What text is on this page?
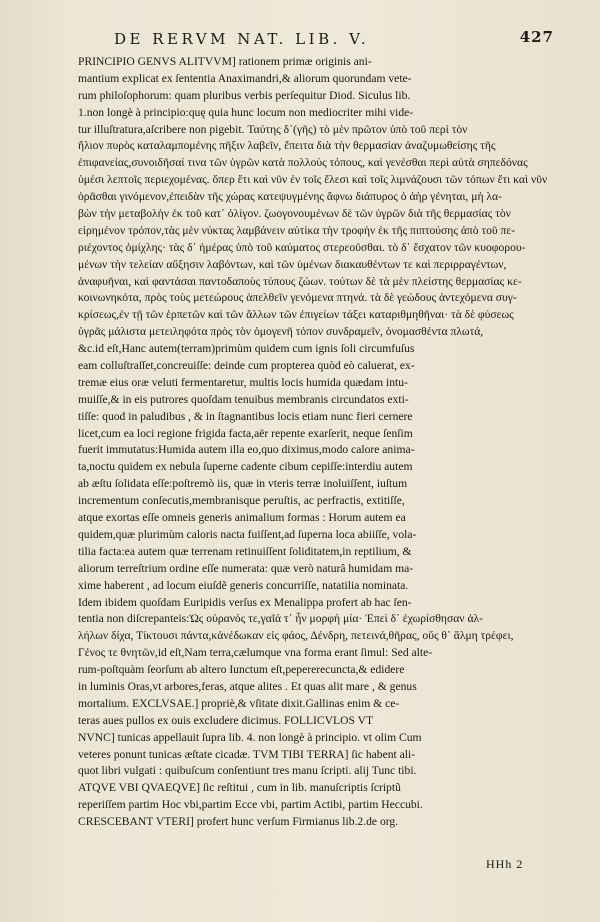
DE RERVM NAT. LIB. V.	427
PRINCIPIO GENVS ALITVVM] rationem primæ originis ani-
mantium explicat ex ſententia Anaximandri,& aliorum quorundam vete-
rum philoſophorum: quam pluribus verbis perſequitur Diod. Siculus lib.
1.non longè à principio:quę quia hunc locum non mediocriter mihi vide-
tur illuſtratura,aſcribere non pigebit. Ταύτης δ᾽(γῆς) τὸ μὲν πρῶτον ὑπὸ τοῦ περὶ τὸν
ἥλιον πυρὸς καταλαμπομένης πῆξιν λαβεῖν, ἔπειτα διὰ τὴν θερμασίαν ἀναζυμωθείσης τῆς
ἐπιφανείας,συνοιδῆσαί τινα τῶν ὑγρῶν κατὰ πολλοὺς τόπους, καὶ γενέσθαι περὶ αὐτὰ σηπεδόνας
ὑμέσι λεπτοῖς περιεχομένας. ὅπερ ἔτι καὶ νῦν ἐν τοῖς ἕλεσι καὶ τοῖς λιμνάζουσι τῶν τόπων ἔτι καὶ νῦν
ὁρᾶσθαι γινόμενον,ἐπειδὰν τῆς χώρας κατεψυγμένης ἄφνω διάπυρος ὁ ἀὴρ γένηται, μὴ λα-
βὼν τὴν μεταβολὴν ἐκ τοῦ κατ᾽ ὀλίγον. ζωογονουμένων δὲ τῶν ὑγρῶν διὰ τῆς θερμασίας τὸν
εἰρημένον τρόπον,τὰς μὲν νύκτας λαμβάνειν αὐτίκα τὴν τροφὴν ἐκ τῆς πιπτούσης ἀπὸ τοῦ πε-
ριέχοντος ὁμίχλης· τὰς δ᾽ ἡμέρας ὑπὸ τοῦ καύματος στερεοῦσθαι. τὸ δ᾽ ἔσχατον τῶν κυοφορου-
μένων τὴν τελείαν αὔξησιν λαβόντων, καὶ τῶν ὑμένων διακαυθέντων τε καὶ περιρραγέντων,
ἀναφυῆναι, καὶ φαντάσαι παντοδαποὺς τύπους ζώων. τούτων δὲ τὰ μὲν πλείστης θερμασίας κε-
κοινωνηκότα, πρὸς τοὺς μετεώρους ἀπελθεῖν γενόμενα πτηνά. τὰ δὲ γεώδους ἀντεχόμενα συγ-
κρίσεως,ἐν τῇ τῶν ἑρπετῶν καὶ τῶν ἄλλων τῶν ἐπιγείων τάξει καταριθμηθῆναι· τὰ δὲ φύσεως
ὑγρᾶς μάλιστα μετειληφότα πρὸς τὸν ὁμογενῆ τόπον συνδραμεῖν, ὀνομασθέντα πλωτά,
&c.id eſt,Hanc autem(terram)primùm quidem cum ignis ſoli circumfuſus
eam colluſtraſſet,concreuiſſe: deinde cum propterea quòd eò caluerat, ex-
tremæ eius oræ veluti fermentaretur, multis locis humida quædam intu-
muiſſe,& in eis putrores quoſdam tenuibus membranis circundatos exti-
tiſſe: quod in paludibus , & in ſtagnantibus locis etiam nunc fieri cernere
licet,cum ea loci regione frigida facta,aër repente exarſerit, neque ſenſim
fuerit immutatus:Humida autem illa eo,quo diximus,modo calore anima-
ta,noctu quidem ex nebula ſuperne cadente cibum cepiſſe:interdiu autem
ab æſtu ſolidata eſſe:poſtremò iis, quæ in vteris terræ inoluiſſent, iuſtum
incrementum conſecutis,membranisque peruſtis, ac perfractis, extitiſſe,
atque exortas eſſe omneis generis animalium formas : Horum autem ea
quidem,quæ plurimùm caloris nacta fuiſſent,ad ſuperna loca abiiſſe, vola-
tilia facta:ea autem quæ terrenam retinuiſſent ſoliditatem,in reptilium, &
aliorum terreſtrium ordine eſſe numerata: quæ verò naturâ humidam ma-
xime haberent , ad locum eiuſdẽ generis concurriſſe, natatilia nominata.
Idem ibidem quoſdam Euripidis verſus ex Menalippa profert ab hac ſen-
tentia non diſcrepanteis:Ὡς οὐρανός τε,γαῖά τ᾽ ἦν μορφὴ μία· Ἐπεὶ δ᾽ ἐχωρίσθησαν ἀλ-
λήλων δίχα, Τίκτουσι πάντα,κἀνέδωκαν εἰς φάος, Δένδρη, πετεινά,θῆρας, οὕς θ᾽ ἅλμη τρέφει,
Γένος τε θνητῶν,id eſt,Nam terra,cælumque vna forma erant ſimul: Sed alte-
rum-poſtquàm ſeorſum ab altero Iunctum eſt,pepererecuncta,& edidere
in luminis Oras,vt arbores,feras, atque alites . Et quas alit mare , & genus
mortalium. EXCLVSAE.] propriè,& vſitate dixit.Gallinas enim & ce-
teras aues pullos ex ouis excludere dicimus. FOLLICVLOS VT
NVNC] tunicas appellauit ſupra lib. 4. non longè à principio. vt olim Cum
veteres ponunt tunicas æſtate cicadæ. TVM TIBI TERRA] ſic habent ali-
quot libri vulgati : quibuſcum conſentiunt tres manu ſcripti. alij Tunc tibi.
ATQVE VBI QVAEQVE] ſic reſtitui , cum in lib. manuſcriptis ſcriptũ
reperiſſem partim Hoc vbi,partim Ecce vbi, partim Actibi, partim Heccubi.
CRESCEBANT VTERI] profert hunc verſum Firmianus lib.2.de org.
HHh 2
